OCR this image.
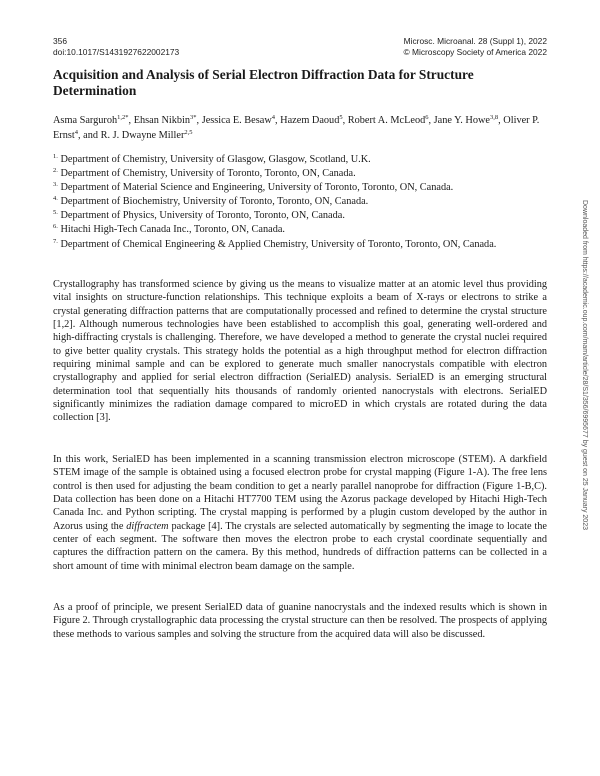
356
doi:10.1017/S1431927622002173
Microsc. Microanal. 28 (Suppl 1), 2022
© Microscopy Society of America 2022
Acquisition and Analysis of Serial Electron Diffraction Data for Structure Determination
Asma Sarguroh$^{1,2*}$, Ehsan Nikbin$^{3*}$, Jessica E. Besaw$^4$, Hazem Daoud$^5$, Robert A. McLeod$^6$, Jane Y. Howe$^{3,8}$, Oliver P. Ernst$^4$, and R. J. Dwayne Miller$^{2,5}$
$^{1.}$ Department of Chemistry, University of Glasgow, Glasgow, Scotland, U.K.
$^{2.}$ Department of Chemistry, University of Toronto, Toronto, ON, Canada.
$^{3.}$ Department of Material Science and Engineering, University of Toronto, Toronto, ON, Canada.
$^{4.}$ Department of Biochemistry, University of Toronto, Toronto, ON, Canada.
$^{5.}$ Department of Physics, University of Toronto, Toronto, ON, Canada.
$^{6.}$ Hitachi High-Tech Canada Inc., Toronto, ON, Canada.
$^{7.}$ Department of Chemical Engineering & Applied Chemistry, University of Toronto, Toronto, ON, Canada.

Crystallography has transformed science by giving us the means to visualize matter at an atomic level thus providing vital insights on structure-function relationships. This technique exploits a beam of X-rays or electrons to strike a crystal generating diffraction patterns that are computationally processed and refined to determine the crystal structure [1,2]. Although numerous technologies have been established to accomplish this goal, generating well-ordered and high-diffracting crystals is challenging. Therefore, we have developed a method to generate the crystal nuclei required to give better quality crystals. This strategy holds the potential as a high throughput method for electron diffraction requiring minimal sample and can be explored to generate much smaller nanocrystals compatible with electron crystallography and applied for serial electron diffraction (SerialED) analysis. SerialED is an emerging structural determination tool that sequentially hits thousands of randomly oriented nanocrystals with electrons. SerialED significantly minimizes the radiation damage compared to microED in which crystals are rotated during the data collection [3].

In this work, SerialED has been implemented in a scanning transmission electron microscope (STEM). A darkfield STEM image of the sample is obtained using a focused electron probe for crystal mapping (Figure 1-A). The free lens control is then used for adjusting the beam condition to get a nearly parallel nanoprobe for diffraction (Figure 1-B,C). Data collection has been done on a Hitachi HT7700 TEM using the Azorus package developed by Hitachi High-Tech Canada Inc. and Python scripting. The crystal mapping is performed by a plugin custom developed by the author in Azorus using the diffractem package [4]. The crystals are selected automatically by segmenting the image to locate the center of each segment. The software then moves the electron probe to each crystal coordinate sequentially and captures the diffraction pattern on the camera. By this method, hundreds of diffraction patterns can be collected in a short amount of time with minimal electron beam damage on the sample.

As a proof of principle, we present SerialED data of guanine nanocrystals and the indexed results which is shown in Figure 2. Through crystallographic data processing the crystal structure can then be resolved. The prospects of applying these methods to various samples and solving the structure from the acquired data will also be discussed.

Downloaded from https://academic.oup.com/mam/article/28/S1/356/6995677 by guest on 25 January 2023
